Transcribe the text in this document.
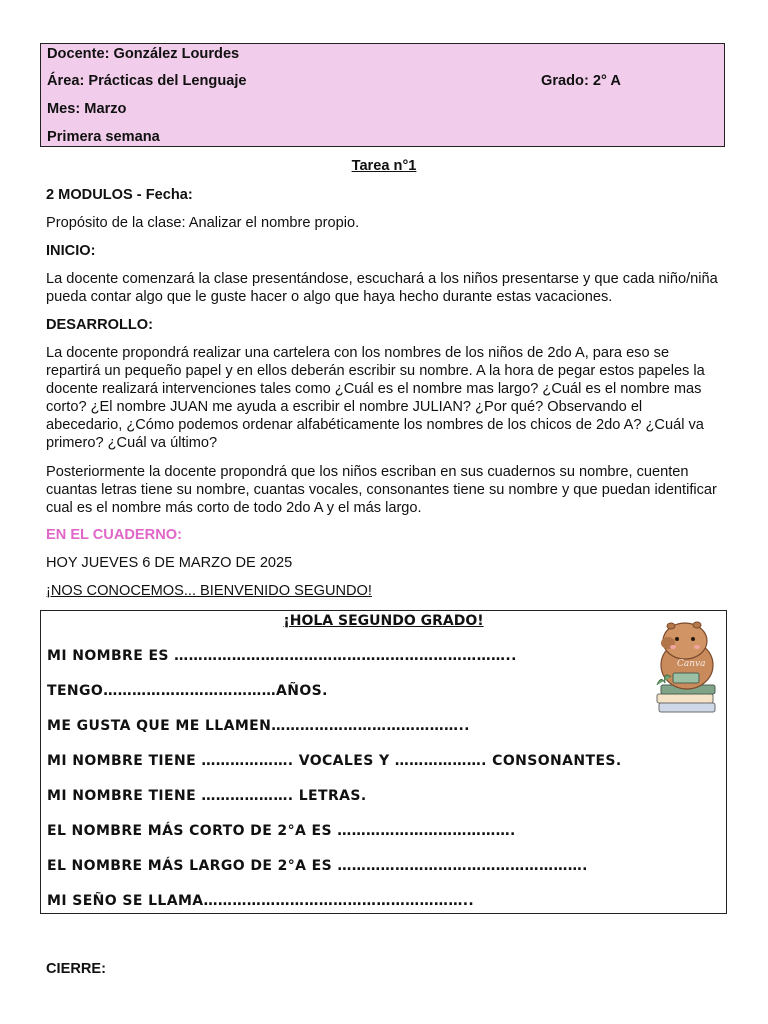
Docente: González Lourdes
Área: Prácticas del Lenguaje	Grado: 2° A
Mes: Marzo
Primera semana
Tarea n°1
2 MODULOS - Fecha:
Propósito de la clase: Analizar el nombre propio.
INICIO:
La docente comenzará la clase presentándose, escuchará a los niños presentarse y que cada niño/niña pueda contar algo que le guste hacer o algo que haya hecho durante estas vacaciones.
DESARROLLO:
La docente propondrá realizar una cartelera con los nombres de los niños de 2do A, para eso se repartirá un pequeño papel y en ellos deberán escribir su nombre. A la hora de pegar estos papeles la docente realizará intervenciones tales como ¿Cuál es el nombre mas largo? ¿Cuál es el nombre mas corto? ¿El nombre JUAN me ayuda a escribir el nombre JULIAN? ¿Por qué? Observando el abecedario, ¿Cómo podemos ordenar alfabéticamente los nombres de los chicos de 2do A? ¿Cuál va primero? ¿Cuál va último?
Posteriormente la docente propondrá que los niños escriban en sus cuadernos su nombre, cuenten cuantas letras tiene su nombre, cuantas vocales, consonantes tiene su nombre y que puedan identificar cual es el nombre más corto de todo 2do A y el más largo.
EN EL CUADERNO:
HOY JUEVES 6 DE MARZO DE 2025
¡NOS CONOCEMOS... BIENVENIDO SEGUNDO!
¡HOLA SEGUNDO GRADO!
MI NOMBRE ES ……………………………………………………………..
TENGO………………………………AÑOS.
ME GUSTA QUE ME LLAMEN…………………………………..
MI NOMBRE TIENE ………………. VOCALES Y ………………. CONSONANTES.
MI NOMBRE TIENE ………………. LETRAS.
EL NOMBRE MÁS CORTO DE 2°A ES ……………………………….
EL NOMBRE MÁS LARGO DE 2°A ES …………………………………………….
MI SEÑO SE LLAMA………………………………………………..
Canva
CIERRE:
